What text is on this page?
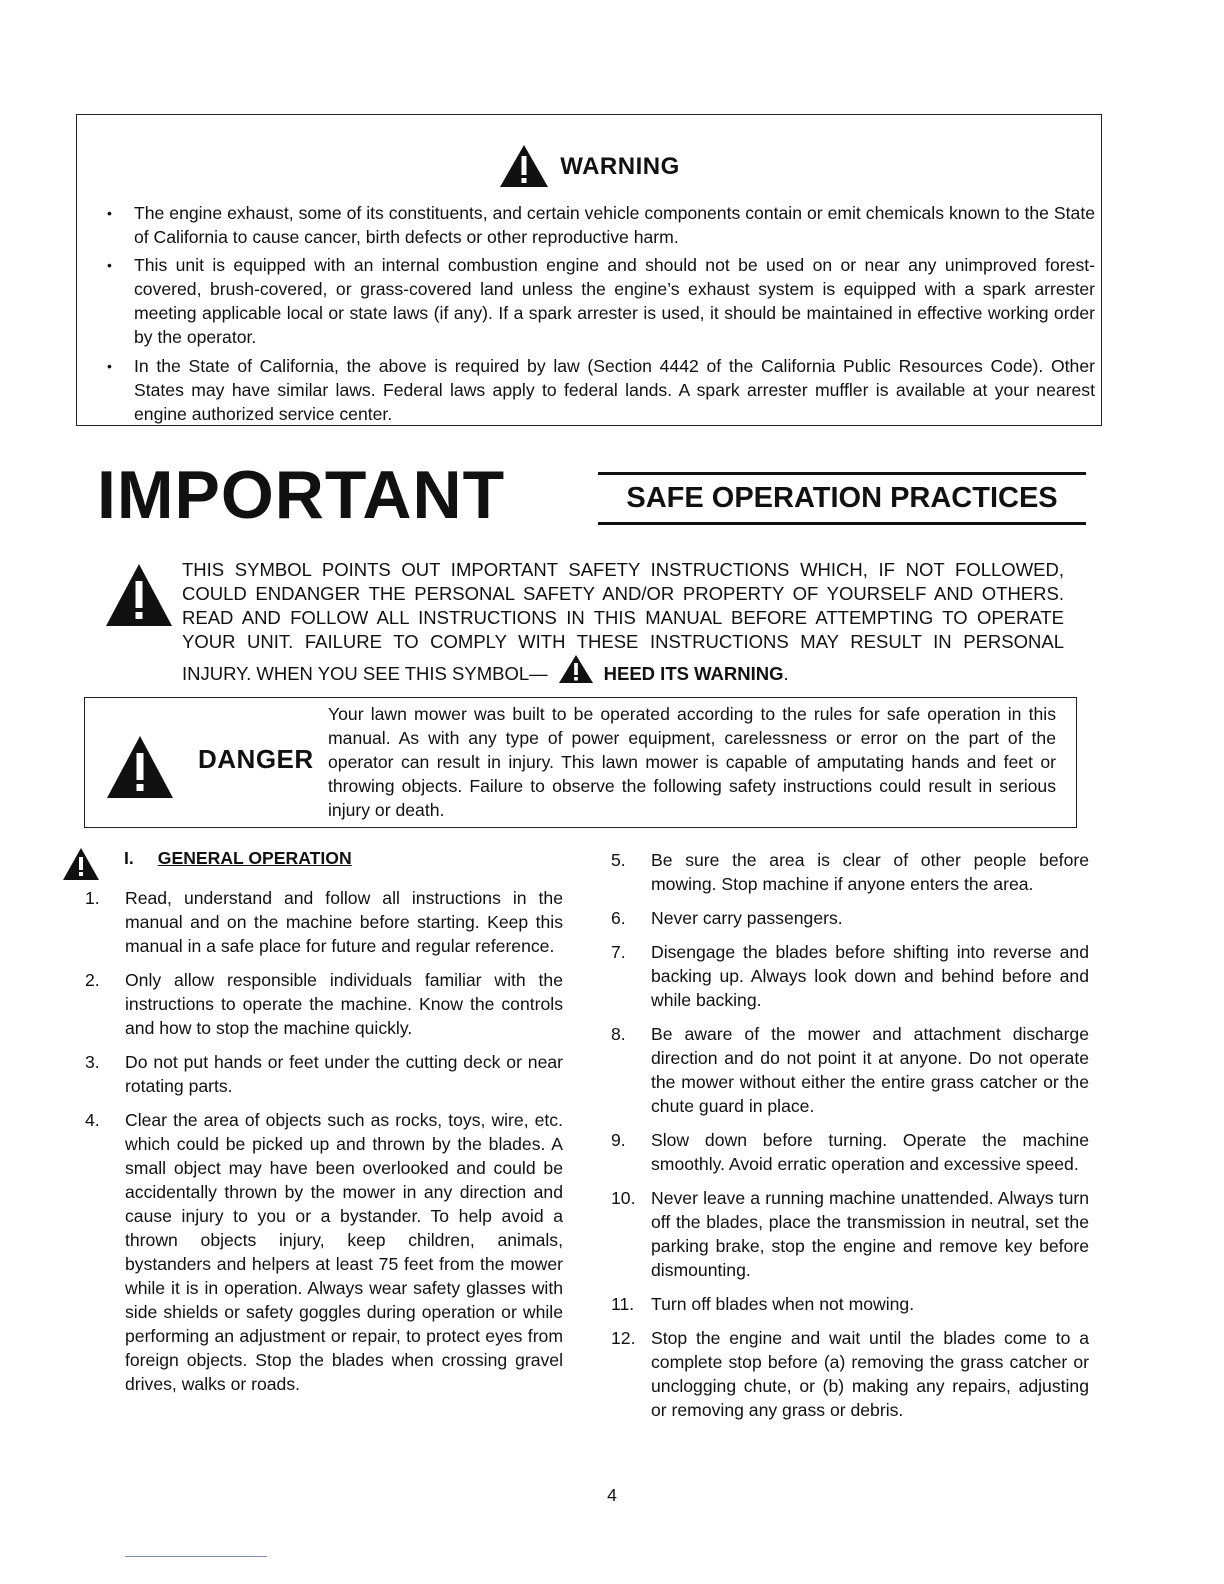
WARNING
• The engine exhaust, some of its constituents, and certain vehicle components contain or emit chemicals known to the State of California to cause cancer, birth defects or other reproductive harm.
• This unit is equipped with an internal combustion engine and should not be used on or near any unimproved forest-covered, brush-covered, or grass-covered land unless the engine’s exhaust system is equipped with a spark arrester meeting applicable local or state laws (if any). If a spark arrester is used, it should be maintained in effective working order by the operator.
• In the State of California, the above is required by law (Section 4442 of the California Public Resources Code). Other States may have similar laws. Federal laws apply to federal lands. A spark arrester muffler is available at your nearest engine authorized service center.
IMPORTANT	SAFE OPERATION PRACTICES
THIS SYMBOL POINTS OUT IMPORTANT SAFETY INSTRUCTIONS WHICH, IF NOT FOLLOWED, COULD ENDANGER THE PERSONAL SAFETY AND/OR PROPERTY OF YOURSELF AND OTHERS. READ AND FOLLOW ALL INSTRUCTIONS IN THIS MANUAL BEFORE ATTEMPTING TO OPERATE YOUR UNIT. FAILURE TO COMPLY WITH THESE INSTRUCTIONS MAY RESULT IN PERSONAL INJURY. WHEN YOU SEE THIS SYMBOL—	HEED ITS WARNING.
DANGER
Your lawn mower was built to be operated according to the rules for safe operation in this manual. As with any type of power equipment, carelessness or error on the part of the operator can result in injury. This lawn mower is capable of amputating hands and feet or throwing objects. Failure to observe the following safety instructions could result in serious injury or death.
I. GENERAL OPERATION
1.	Read, understand and follow all instructions in the manual and on the machine before starting. Keep this manual in a safe place for future and regular reference.
2.	Only allow responsible individuals familiar with the instructions to operate the machine. Know the controls and how to stop the machine quickly.
3.	Do not put hands or feet under the cutting deck or near rotating parts.
4.	Clear the area of objects such as rocks, toys, wire, etc. which could be picked up and thrown by the blades. A small object may have been overlooked and could be accidentally thrown by the mower in any direction and cause injury to you or a bystander. To help avoid a thrown objects injury, keep children, animals, bystanders and helpers at least 75 feet from the mower while it is in operation. Always wear safety glasses with side shields or safety goggles during operation or while performing an adjustment or repair, to protect eyes from foreign objects. Stop the blades when crossing gravel drives, walks or roads.
5.	Be sure the area is clear of other people before mowing. Stop machine if anyone enters the area.
6.	Never carry passengers.
7.	Disengage the blades before shifting into reverse and backing up. Always look down and behind before and while backing.
8.	Be aware of the mower and attachment discharge direction and do not point it at anyone. Do not operate the mower without either the entire grass catcher or the chute guard in place.
9.	Slow down before turning. Operate the machine smoothly. Avoid erratic operation and excessive speed.
10. Never leave a running machine unattended. Always turn off the blades, place the transmission in neutral, set the parking brake, stop the engine and remove key before dismounting.
11. Turn off blades when not mowing.
12. Stop the engine and wait until the blades come to a complete stop before (a) removing the grass catcher or unclogging chute, or (b) making any repairs, adjusting or removing any grass or debris.
4
